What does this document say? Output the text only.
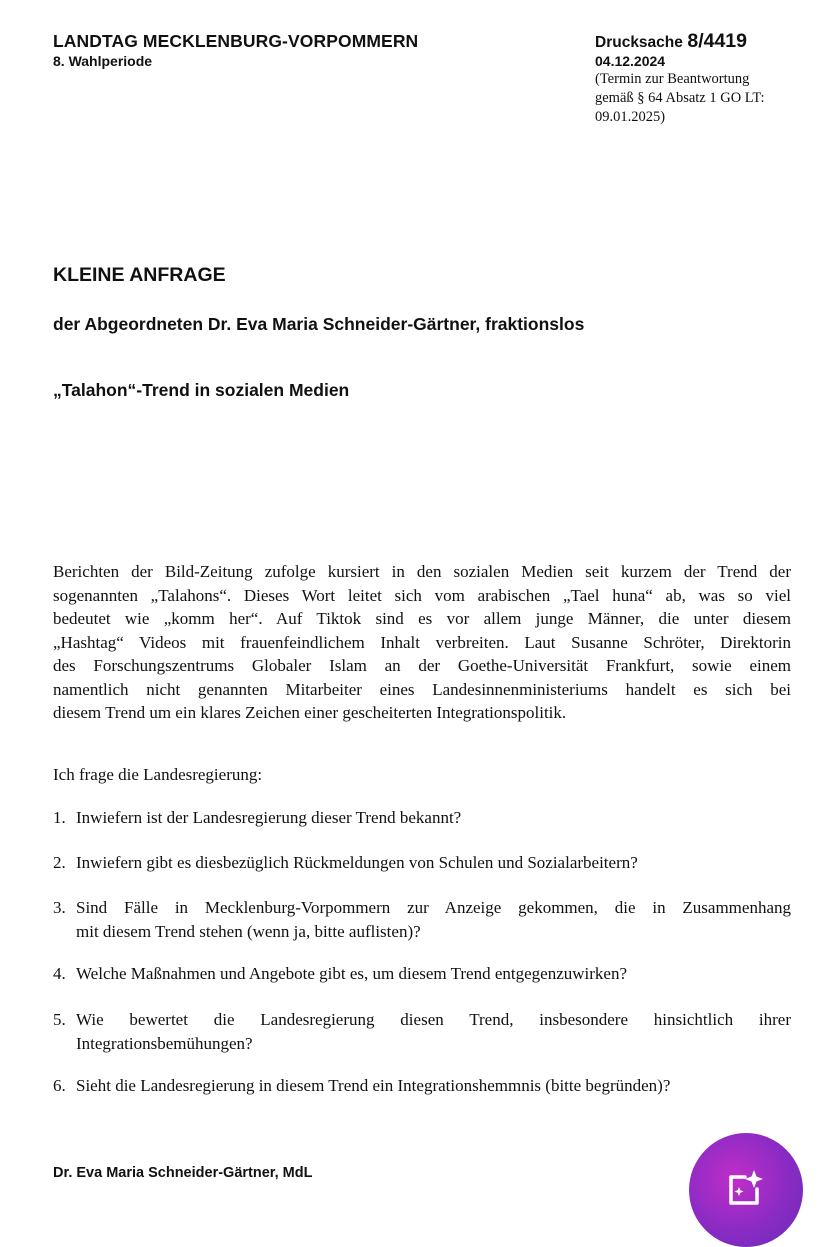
LANDTAG MECKLENBURG-VORPOMMERN
8. Wahlperiode
Drucksache 8/4419
04.12.2024
(Termin zur Beantwortung
gemäß § 64 Absatz 1 GO LT:
09.01.2025)
KLEINE ANFRAGE
der Abgeordneten Dr. Eva Maria Schneider-Gärtner, fraktionslos
„Talahon“-Trend in sozialen Medien
Berichten der Bild-Zeitung zufolge kursiert in den sozialen Medien seit kurzem der Trend der
sogenannten „Talahons“. Dieses Wort leitet sich vom arabischen „Tael huna“ ab, was so viel
bedeutet wie „komm her“. Auf Tiktok sind es vor allem junge Männer, die unter diesem
„Hashtag“ Videos mit frauenfeindlichem Inhalt verbreiten. Laut Susanne Schröter, Direktorin
des Forschungszentrums Globaler Islam an der Goethe-Universität Frankfurt, sowie einem
namentlich nicht genannten Mitarbeiter eines Landesinnenministeriums handelt es sich bei
diesem Trend um ein klares Zeichen einer gescheiterten Integrationspolitik.
Ich frage die Landesregierung:
1. Inwiefern ist der Landesregierung dieser Trend bekannt?
2. Inwiefern gibt es diesbezüglich Rückmeldungen von Schulen und Sozialarbeitern?
3. Sind Fälle in Mecklenburg-Vorpommern zur Anzeige gekommen, die in Zusammenhang
mit diesem Trend stehen (wenn ja, bitte auflisten)?
4. Welche Maßnahmen und Angebote gibt es, um diesem Trend entgegenzuwirken?
5. Wie bewertet die Landesregierung diesen Trend, insbesondere hinsichtlich ihrer
Integrationsbemühungen?
6. Sieht die Landesregierung in diesem Trend ein Integrationshemmnis (bitte begründen)?
Dr. Eva Maria Schneider-Gärtner, MdL
